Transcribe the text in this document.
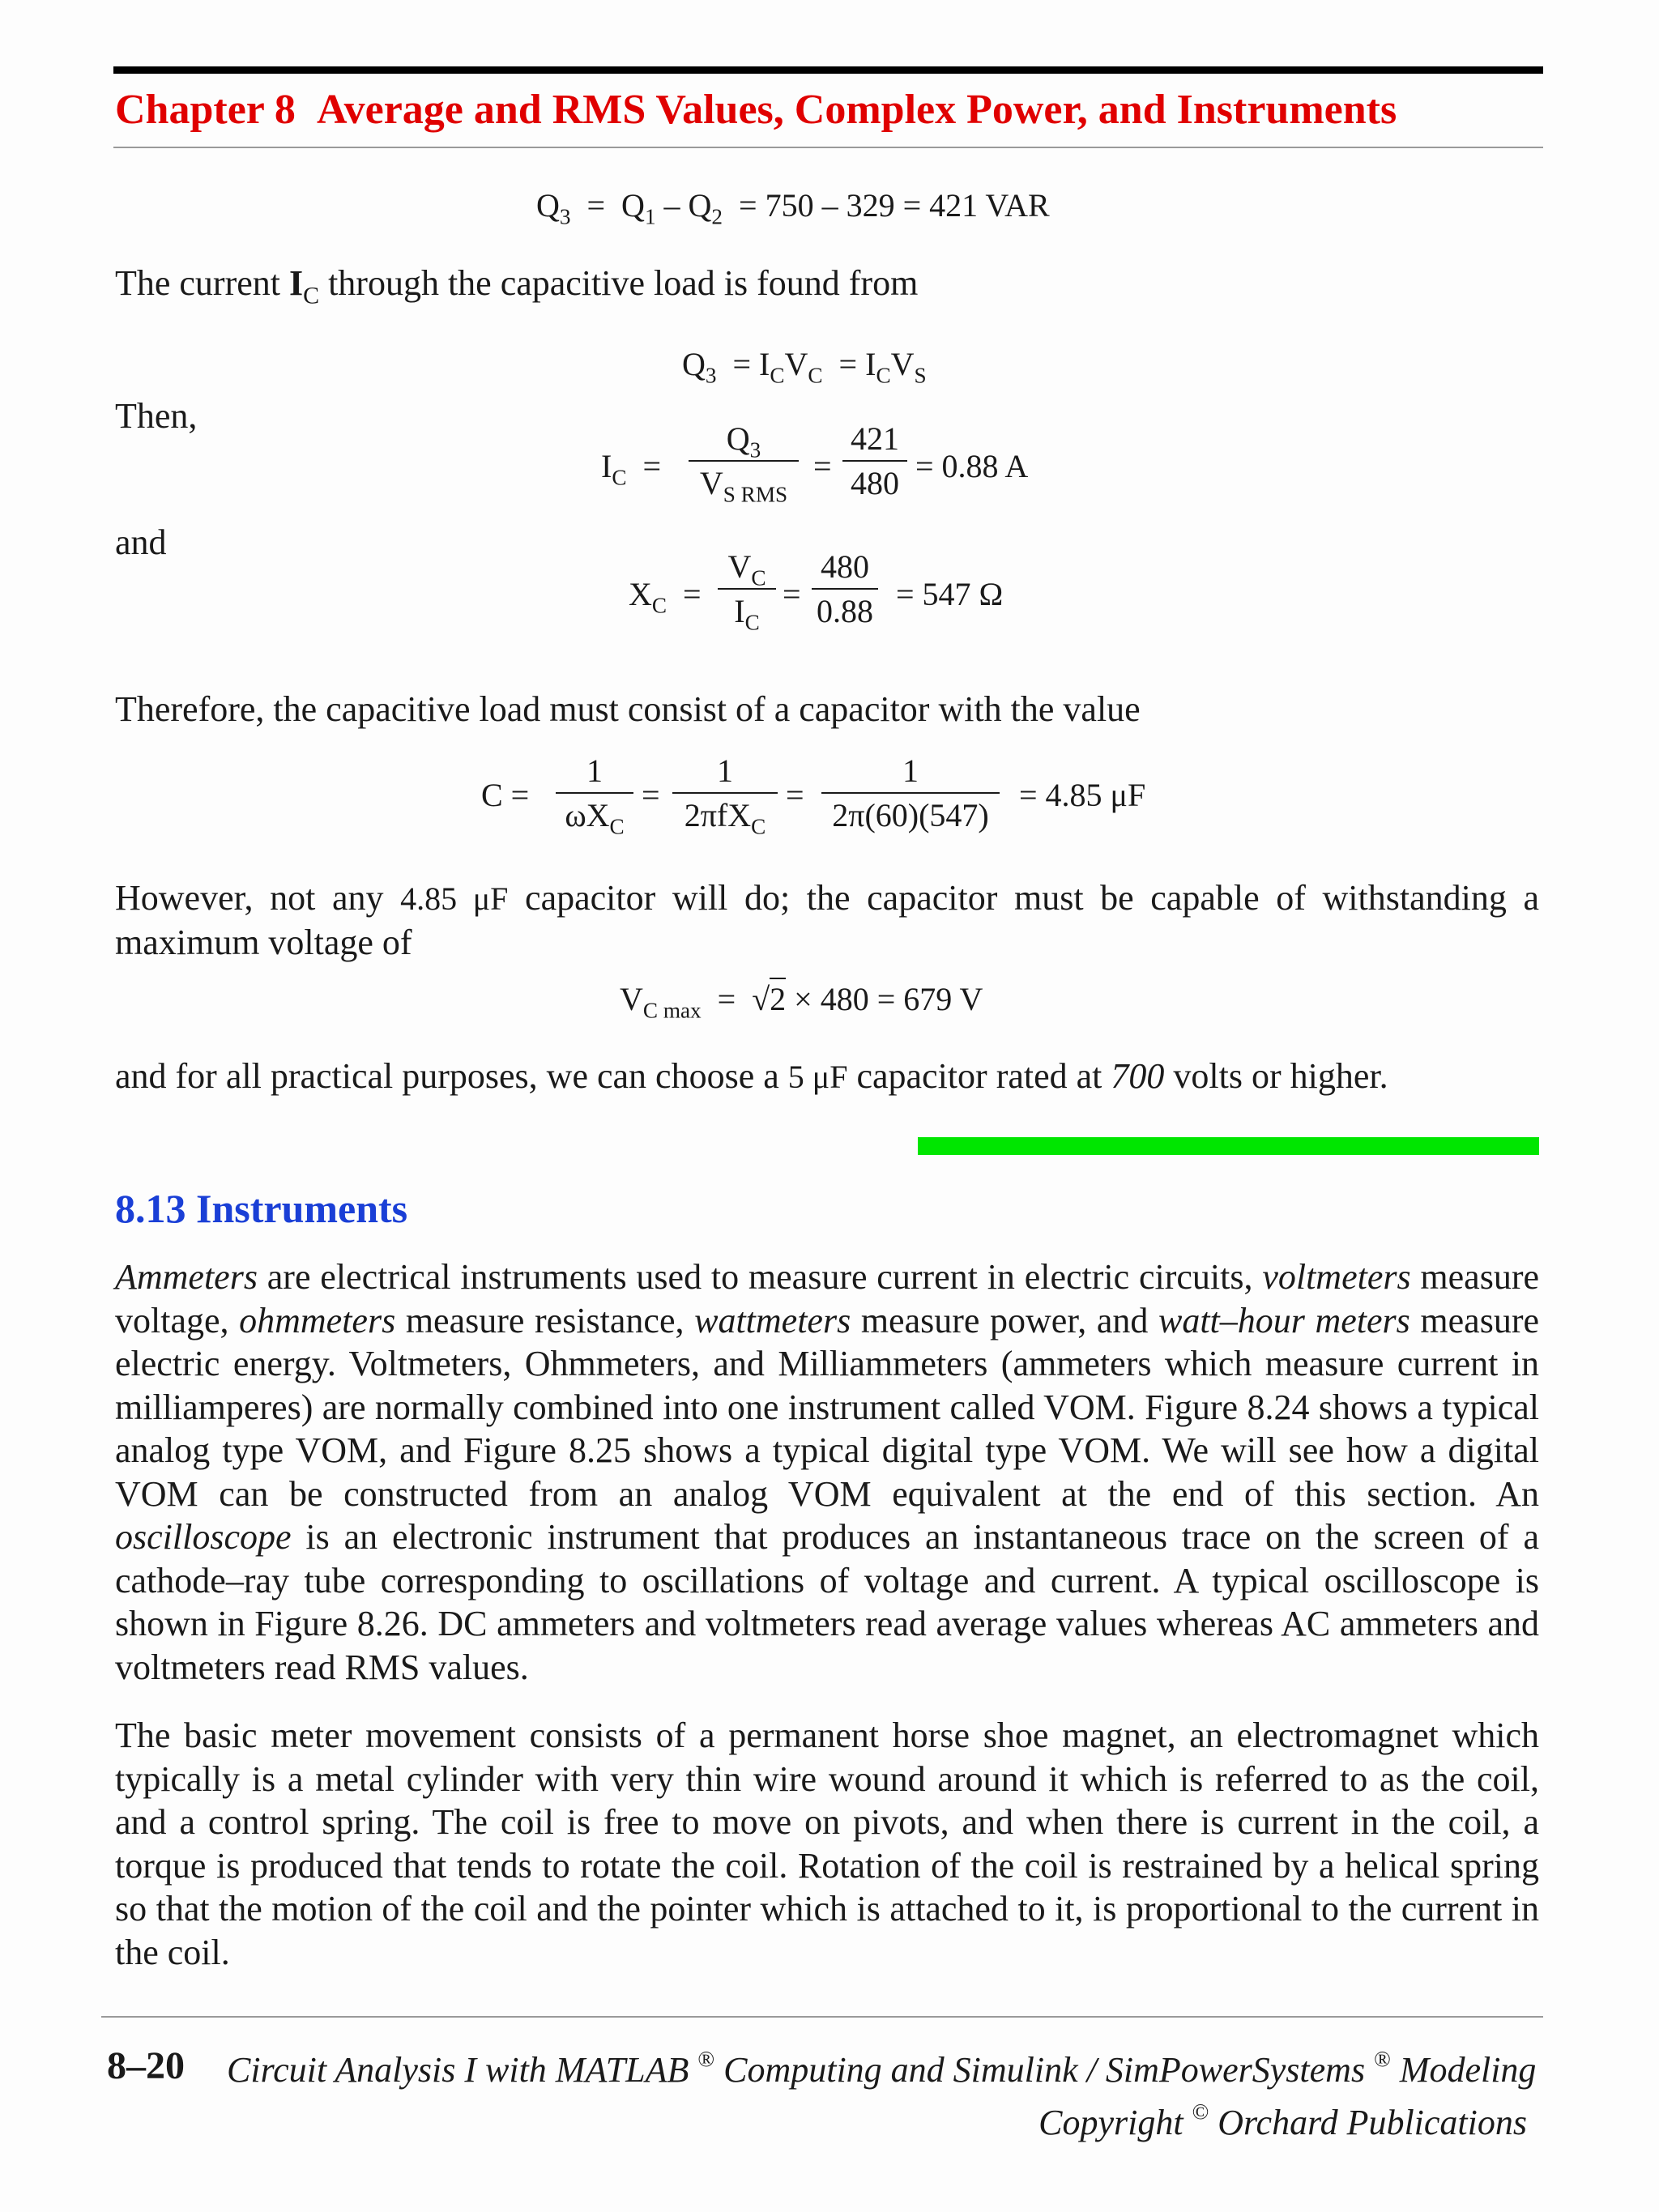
Chapter 8 Average and RMS Values, Complex Power, and Instruments
$Q_3 = Q_1 - Q_2 = 750 - 329 = 421$ VAR
The current $I_C$ through the capacitive load is found from
$Q_3 = I_CV_C = I_CV_S$
Then,
$I_C$ =
$Q_3$
$V_{S RMS}$
=
421
480 = 0.88 A
and
$X_C$ =
$V_C$
$I_C$
=
480
0.88 = 547 Ω
Therefore, the capacitive load must consist of a capacitor with the value
C =
1
$\omega X_C$
=
1
2πfX$_C$
=
1
2π(60)(547)
= 4.85 μF
However, not any 4.85 μF capacitor will do; the capacitor must be capable of withstanding a maximum voltage of
$V_{C max} = √2 \times 480 = 679$ V
and for all practical purposes, we can choose a 5 μF capacitor rated at 700 volts or higher.
8.13 Instruments
Ammeters are electrical instruments used to measure current in electric circuits, voltmeters measure voltage, ohmmeters measure resistance, wattmeters measure power, and watt–hour meters measure electric energy. Voltmeters, Ohmmeters, and Milliammeters (ammeters which measure current in milliamperes) are normally combined into one instrument called VOM. Figure 8.24 shows a typical analog type VOM, and Figure 8.25 shows a typical digital type VOM. We will see how a digital VOM can be constructed from an analog VOM equivalent at the end of this section. An oscilloscope is an electronic instrument that produces an instantaneous trace on the screen of a cathode–ray tube corresponding to oscillations of voltage and current. A typical oscilloscope is shown in Figure 8.26. DC ammeters and voltmeters read average values whereas AC ammeters and voltmeters read RMS values.
The basic meter movement consists of a permanent horse shoe magnet, an electromagnet which typically is a metal cylinder with very thin wire wound around it which is referred to as the coil, and a control spring. The coil is free to move on pivots, and when there is current in the coil, a torque is produced that tends to rotate the coil. Rotation of the coil is restrained by a helical spring so that the motion of the coil and the pointer which is attached to it, is proportional to the current in the coil.
8–20 Circuit Analysis I with MATLAB ® Computing and Simulink / SimPowerSystems ® Modeling
Copyright © Orchard Publications
